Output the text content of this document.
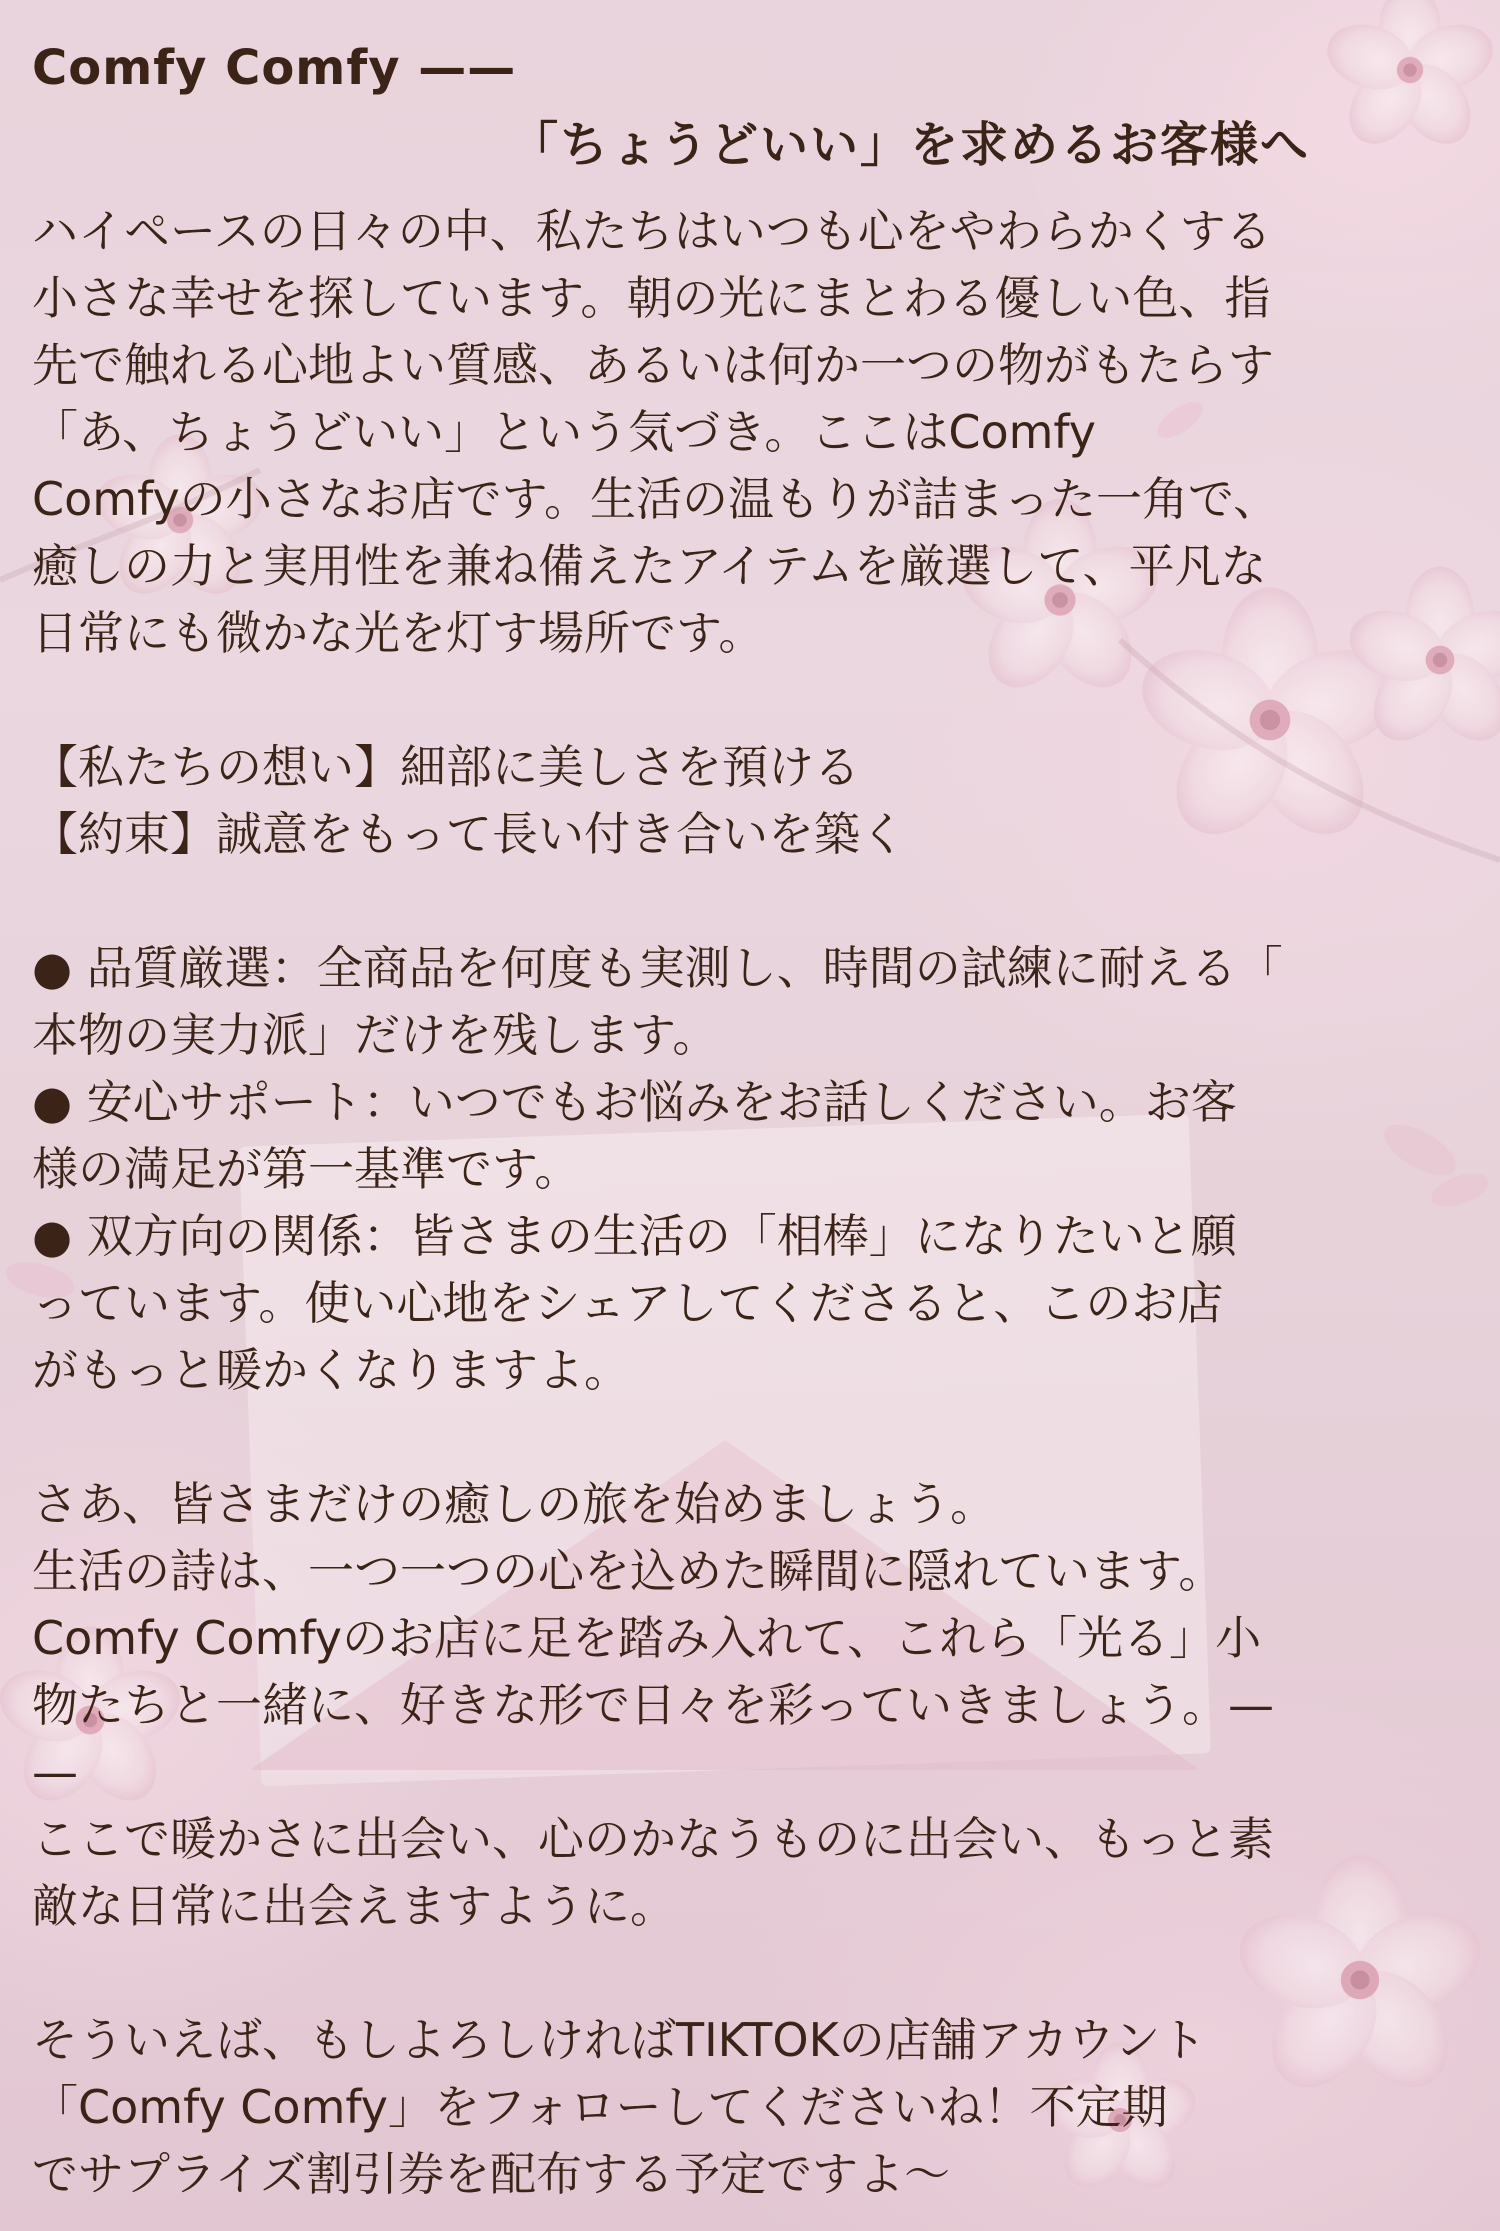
Comfy Comfy ——
「ちょうどいい」を求めるお客様へ
ハイペースの日々の中、私たちはいつも心をやわらかくする
小さな幸せを探しています。朝の光にまとわる優しい色、指
先で触れる心地よい質感、あるいは何か一つの物がもたらす
「あ、ちょうどいい」という気づき。ここはComfy
Comfyの小さなお店です。生活の温もりが詰まった一角で、
癒しの力と実用性を兼ね備えたアイテムを厳選して、平凡な
日常にも微かな光を灯す場所です。
【私たちの想い】細部に美しさを預ける
【約束】誠意をもって長い付き合いを築く
● 品質厳選：全商品を何度も実測し、時間の試練に耐える「
本物の実力派」だけを残します。
● 安心サポート：いつでもお悩みをお話しください。お客
様の満足が第一基準です。
● 双方向の関係：皆さまの生活の「相棒」になりたいと願
っています。使い心地をシェアしてくださると、このお店
がもっと暖かくなりますよ。
さあ、皆さまだけの癒しの旅を始めましょう。
生活の詩は、一つ一つの心を込めた瞬間に隠れています。
Comfy Comfyのお店に足を踏み入れて、これら「光る」小
物たちと一緒に、好きな形で日々を彩っていきましょう。—
—
ここで暖かさに出会い、心のかなうものに出会い、もっと素
敵な日常に出会えますように。
そういえば、もしよろしければTIKTOKの店舗アカウント
「Comfy Comfy」をフォローしてくださいね！不定期
でサプライズ割引券を配布する予定ですよ～
